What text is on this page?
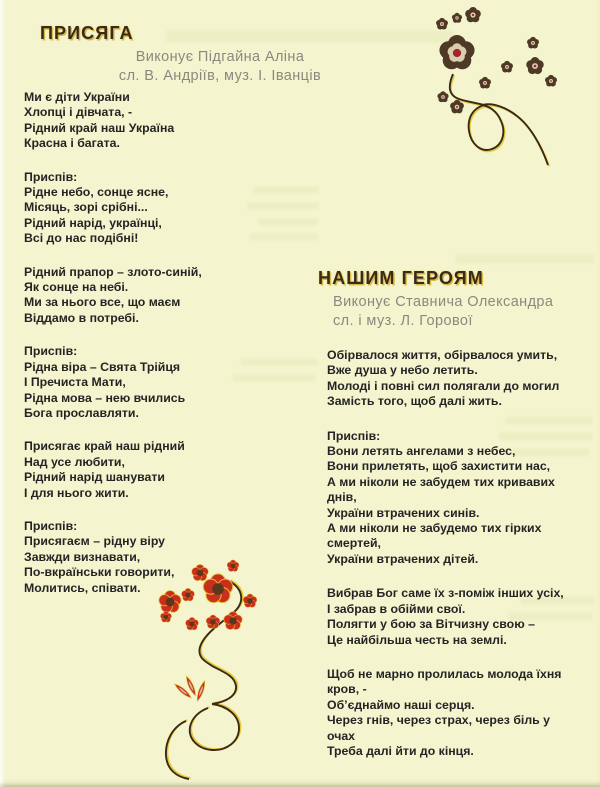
ПРИСЯГА
Виконує Підгайна Аліна
сл. В. Андріїв, муз. І. Іванців
Ми є діти України
Хлопці і дівчата, -
Рідний край наш Україна
Красна і багата.
Приспів:
Рідне небо, сонце ясне,
Місяць, зорі срібні...
Рідний нарід, українці,
Всі до нас подібні!
Рідний прапор – злото-синій,
Як сонце на небі.
Ми за нього все, що маєм
Віддамо в потребі.
Приспів:
Рідна віра – Свята Трійця
І Пречиста Мати,
Рідна мова – нею вчились
Бога прославляти.
Присягає край наш рідний
Над усе любити,
Рідний нарід шанувати
І для нього жити.
Приспів:
Присягаєм – рідну віру
Завжди визнавати,
По-вкраїнськи говорити,
Молитись, співати.
НАШИМ ГЕРОЯМ
Виконує Ставнича Олександра
сл. і муз. Л. Горової
Обірвалося життя, обірвалося умить,
Вже душа у небо летить.
Молоді і повні сил полягали до могил
Замість того, щоб далі жить.
Приспів:
Вони летять ангелами з небес,
Вони прилетять, щоб захистити нас,
А ми ніколи не забудем тих кривавих
днів,
України втрачених синів.
А ми ніколи не забудемо тих гірких
смертей,
України втрачених дітей.
Вибрав Бог саме їх з-поміж інших усіх,
І забрав в обійми свої.
Полягти у бою за Вітчизну свою –
Це найбільша честь на землі.
Щоб не марно пролилась молода їхня
кров, -
Об’єднаймо наші серця.
Через гнів, через страх, через біль у
очах
Треба далі йти до кінця.
